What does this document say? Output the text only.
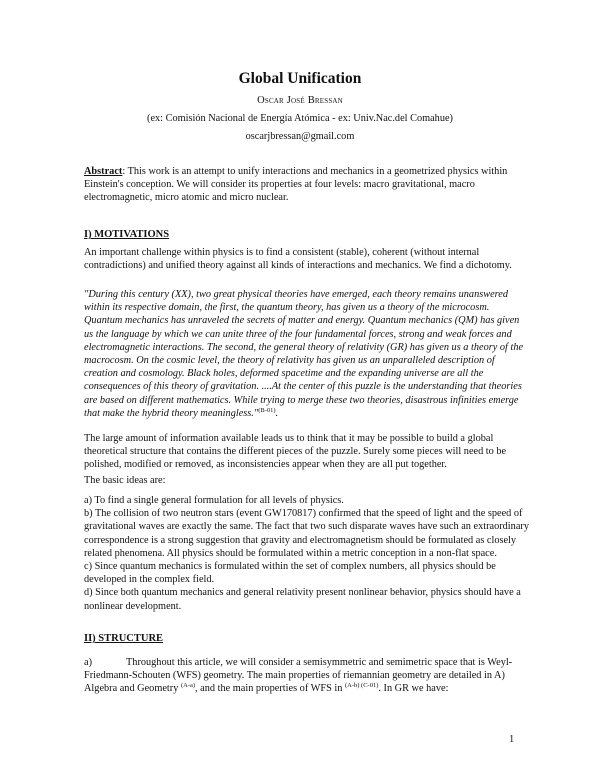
Global Unification
Oscar José Bressan
(ex: Comisión Nacional de Energía Atómica - ex: Univ.Nac.del Comahue)
oscarjbressan@gmail.com
Abstract: This work is an attempt to unify interactions and mechanics in a geometrized physics within Einstein's conception. We will consider its properties at four levels: macro gravitational, macro electromagnetic, micro atomic and micro nuclear.
I) MOTIVATIONS
An important challenge within physics is to find a consistent (stable), coherent (without internal contradictions) and unified theory against all kinds of interactions and mechanics. We find a dichotomy.
"During this century (XX), two great physical theories have emerged, each theory remains unanswered within its respective domain, the first, the quantum theory, has given us a theory of the microcosm. Quantum mechanics has unraveled the secrets of matter and energy. Quantum mechanics (QM) has given us the language by which we can unite three of the four fundamental forces, strong and weak forces and electromagnetic interactions. The second, the general theory of relativity (GR) has given us a theory of the macrocosm. On the cosmic level, the theory of relativity has given us an unparalleled description of creation and cosmology. Black holes, deformed spacetime and the expanding universe are all the consequences of this theory of gravitation. ....At the center of this puzzle is the understanding that theories are based on different mathematics. While trying to merge these two theories, disastrous infinities emerge that make the hybrid theory meaningless."$^{(B-01)}$.
The large amount of information available leads us to think that it may be possible to build a global theoretical structure that contains the different pieces of the puzzle. Surely some pieces will need to be polished, modified or removed, as inconsistencies appear when they are all put together.
The basic ideas are:
a) To find a single general formulation for all levels of physics.
b) The collision of two neutron stars (event GW170817) confirmed that the speed of light and the speed of gravitational waves are exactly the same. The fact that two such disparate waves have such an extraordinary correspondence is a strong suggestion that gravity and electromagnetism should be formulated as closely related phenomena. All physics should be formulated within a metric conception in a non-flat space.
c) Since quantum mechanics is formulated within the set of complex numbers, all physics should be developed in the complex field.
d) Since both quantum mechanics and general relativity present nonlinear behavior, physics should have a nonlinear development.
II) STRUCTURE
a)	Throughout this article, we will consider a semisymmetric and semimetric space that is Weyl-Friedmann-Schouten (WFS) geometry. The main properties of riemannian geometry are detailed in A) Algebra and Geometry $^{(A-a)}$, and the main properties of WFS in $^{(A-b) (C-01)}$. In GR we have:
1
